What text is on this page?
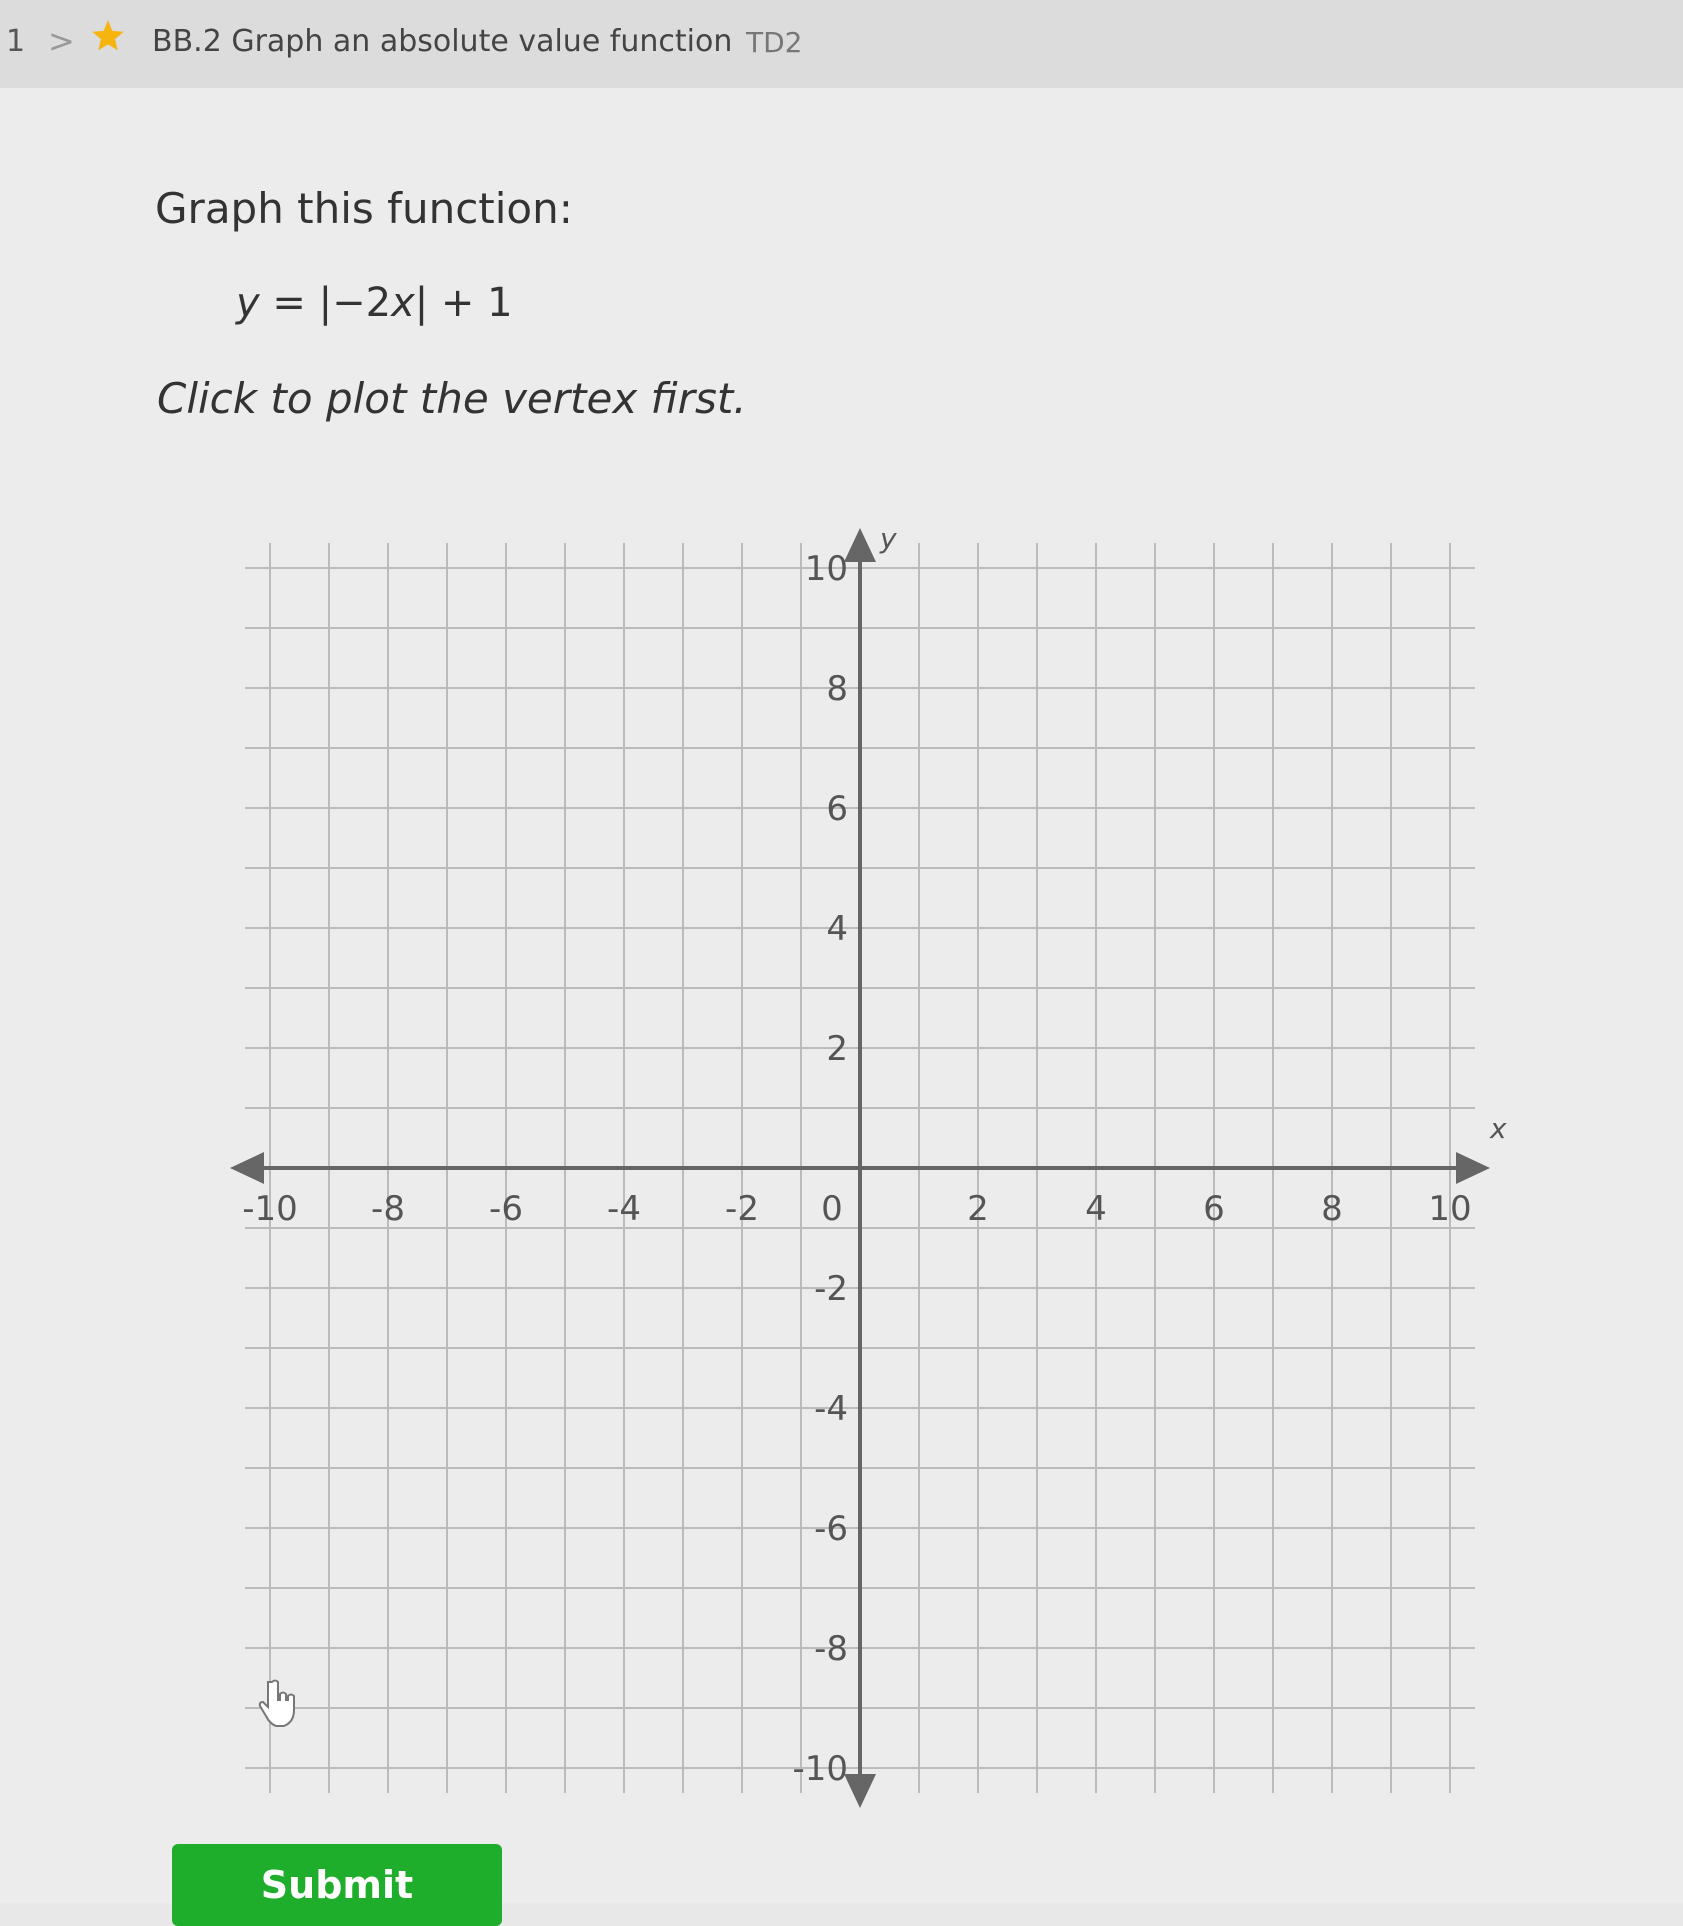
1 >	BB.2 Graph an absolute value function TD2
Graph this function:
y = |−2x| + 1
Click to plot the vertex first.
x
y
-10 -8 -6 -4 -2 0	2	4	6	8	10
10
8
6
4
2
-2
-4
-6
-8
-10
Submit
